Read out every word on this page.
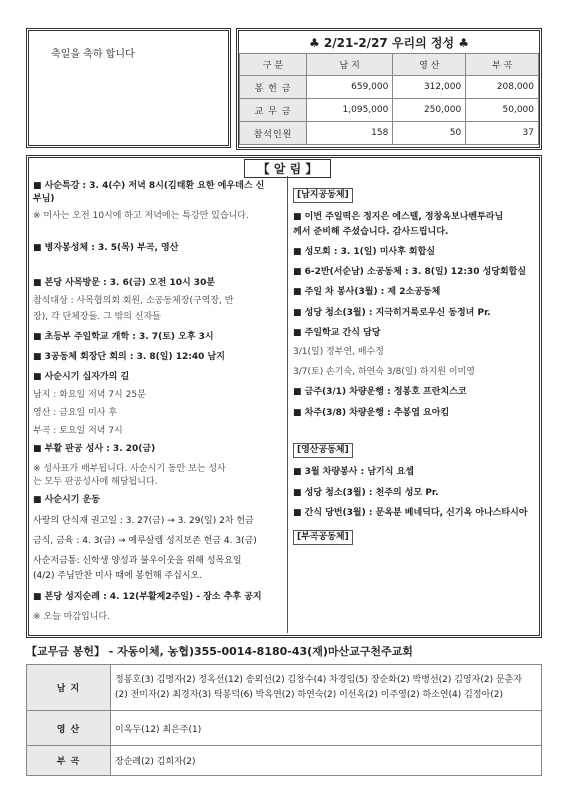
축일을 축하 합니다
♣ 2/21-2/27 우리의 정성 ♣
구 분	남 지	영 산	부 곡
봉 헌 금	659,000	312,000	208,000
교 무 금	1,095,000	250,000	50,000
참석인원	158	50	37
【 알 림 】
■ 사순특강 : 3. 4(수) 저녁 8시(김태환 요한 에우데스 신
부님)
※ 미사는 오전 10시에 하고 저녁에는 특강만 있습니다.
■ 병자봉성체 : 3. 5(목) 부곡, 영산
■ 본당 사목방문 : 3. 6(금) 오전 10시 30분
참석대상 : 사목협의회 회원, 소공동체장(구역장, 반
장), 각 단체장들. 그 밖의 신자들
■ 초등부 주일학교 개학 : 3. 7(토) 오후 3시
■ 3공동체 회장단 회의 : 3. 8(일) 12:40 남지
■ 사순시기 십자가의 길
남지 : 화요일 저녁 7시 25분
영산 : 금요일 미사 후
부곡 : 토요일 저녁 7시
■ 부활 판공 성사 : 3. 20(금)
※ 성사표가 배부됩니다. 사순시기 동안 보는 성사
는 모두 판공성사에 해당됩니다.
■ 사순시기 운동
사랑의 단식재 권고일 : 3. 27(금) → 3. 29(일) 2차 헌금
금식, 금육 : 4. 3(금) → 예루살렘 성지보존 헌금 4. 3(금)
사순저금통: 신학생 양성과 불우이웃을 위해 성목요일
(4/2) 주님만찬 미사 때에 봉헌해 주십시오.
■ 본당 성지순례 : 4. 12(부활제2주일) - 장소 추후 공지
※ 오늘 마감입니다.
[남지공동체]
■ 이번 주일떡은 정지은 에스텔, 정창옥보나벤투라님
께서 준비해 주셨습니다. 감사드립니다.
■ 성모회 : 3. 1(일) 미사후 회합실
■ 6-2반(서순남) 소공동체 : 3. 8(일) 12:30 성당회합실
■ 주일 차 봉사(3월) : 제 2소공동체
■ 성당 청소(3월) : 지극히거룩로우신 동정녀 Pr.
■ 주일학교 간식 담당
3/1(일) 정부연, 배수정
3/7(토) 손기숙, 하연숙 3/8(일) 하지원 이미영
■ 금주(3/1) 차량운행 : 정봉호 프란치스코
■ 차주(3/8) 차량운행 : 추봉엽 요아킴
[영산공동체]
■ 3월 차량봉사 : 남기식 요셉
■ 성당 청소(3월) : 천주의 성모 Pr.
■ 간식 당번(3월) : 문옥분 베네딕다, 신기옥 아나스타시아
[부곡공동체]
【교무금 봉헌】 - 자동이체, 농협)355-0014-8180-43(재)마산교구천주교회
남 지	정봉호(3) 김명자(2) 정옥선(12) 송외선(2) 김창수(4) 차경임(5) 장순화(2) 박병선(2) 김영자(2) 문춘자
(2) 전미자(2) 최경자(3) 탁봉덕(6) 박옥연(2) 하연숙(2) 이선옥(2) 이주영(2) 하소연(4) 김정아(2)

영 산	이옥두(12) 최은주(1)
부 곡	장순례(2) 김희자(2)
